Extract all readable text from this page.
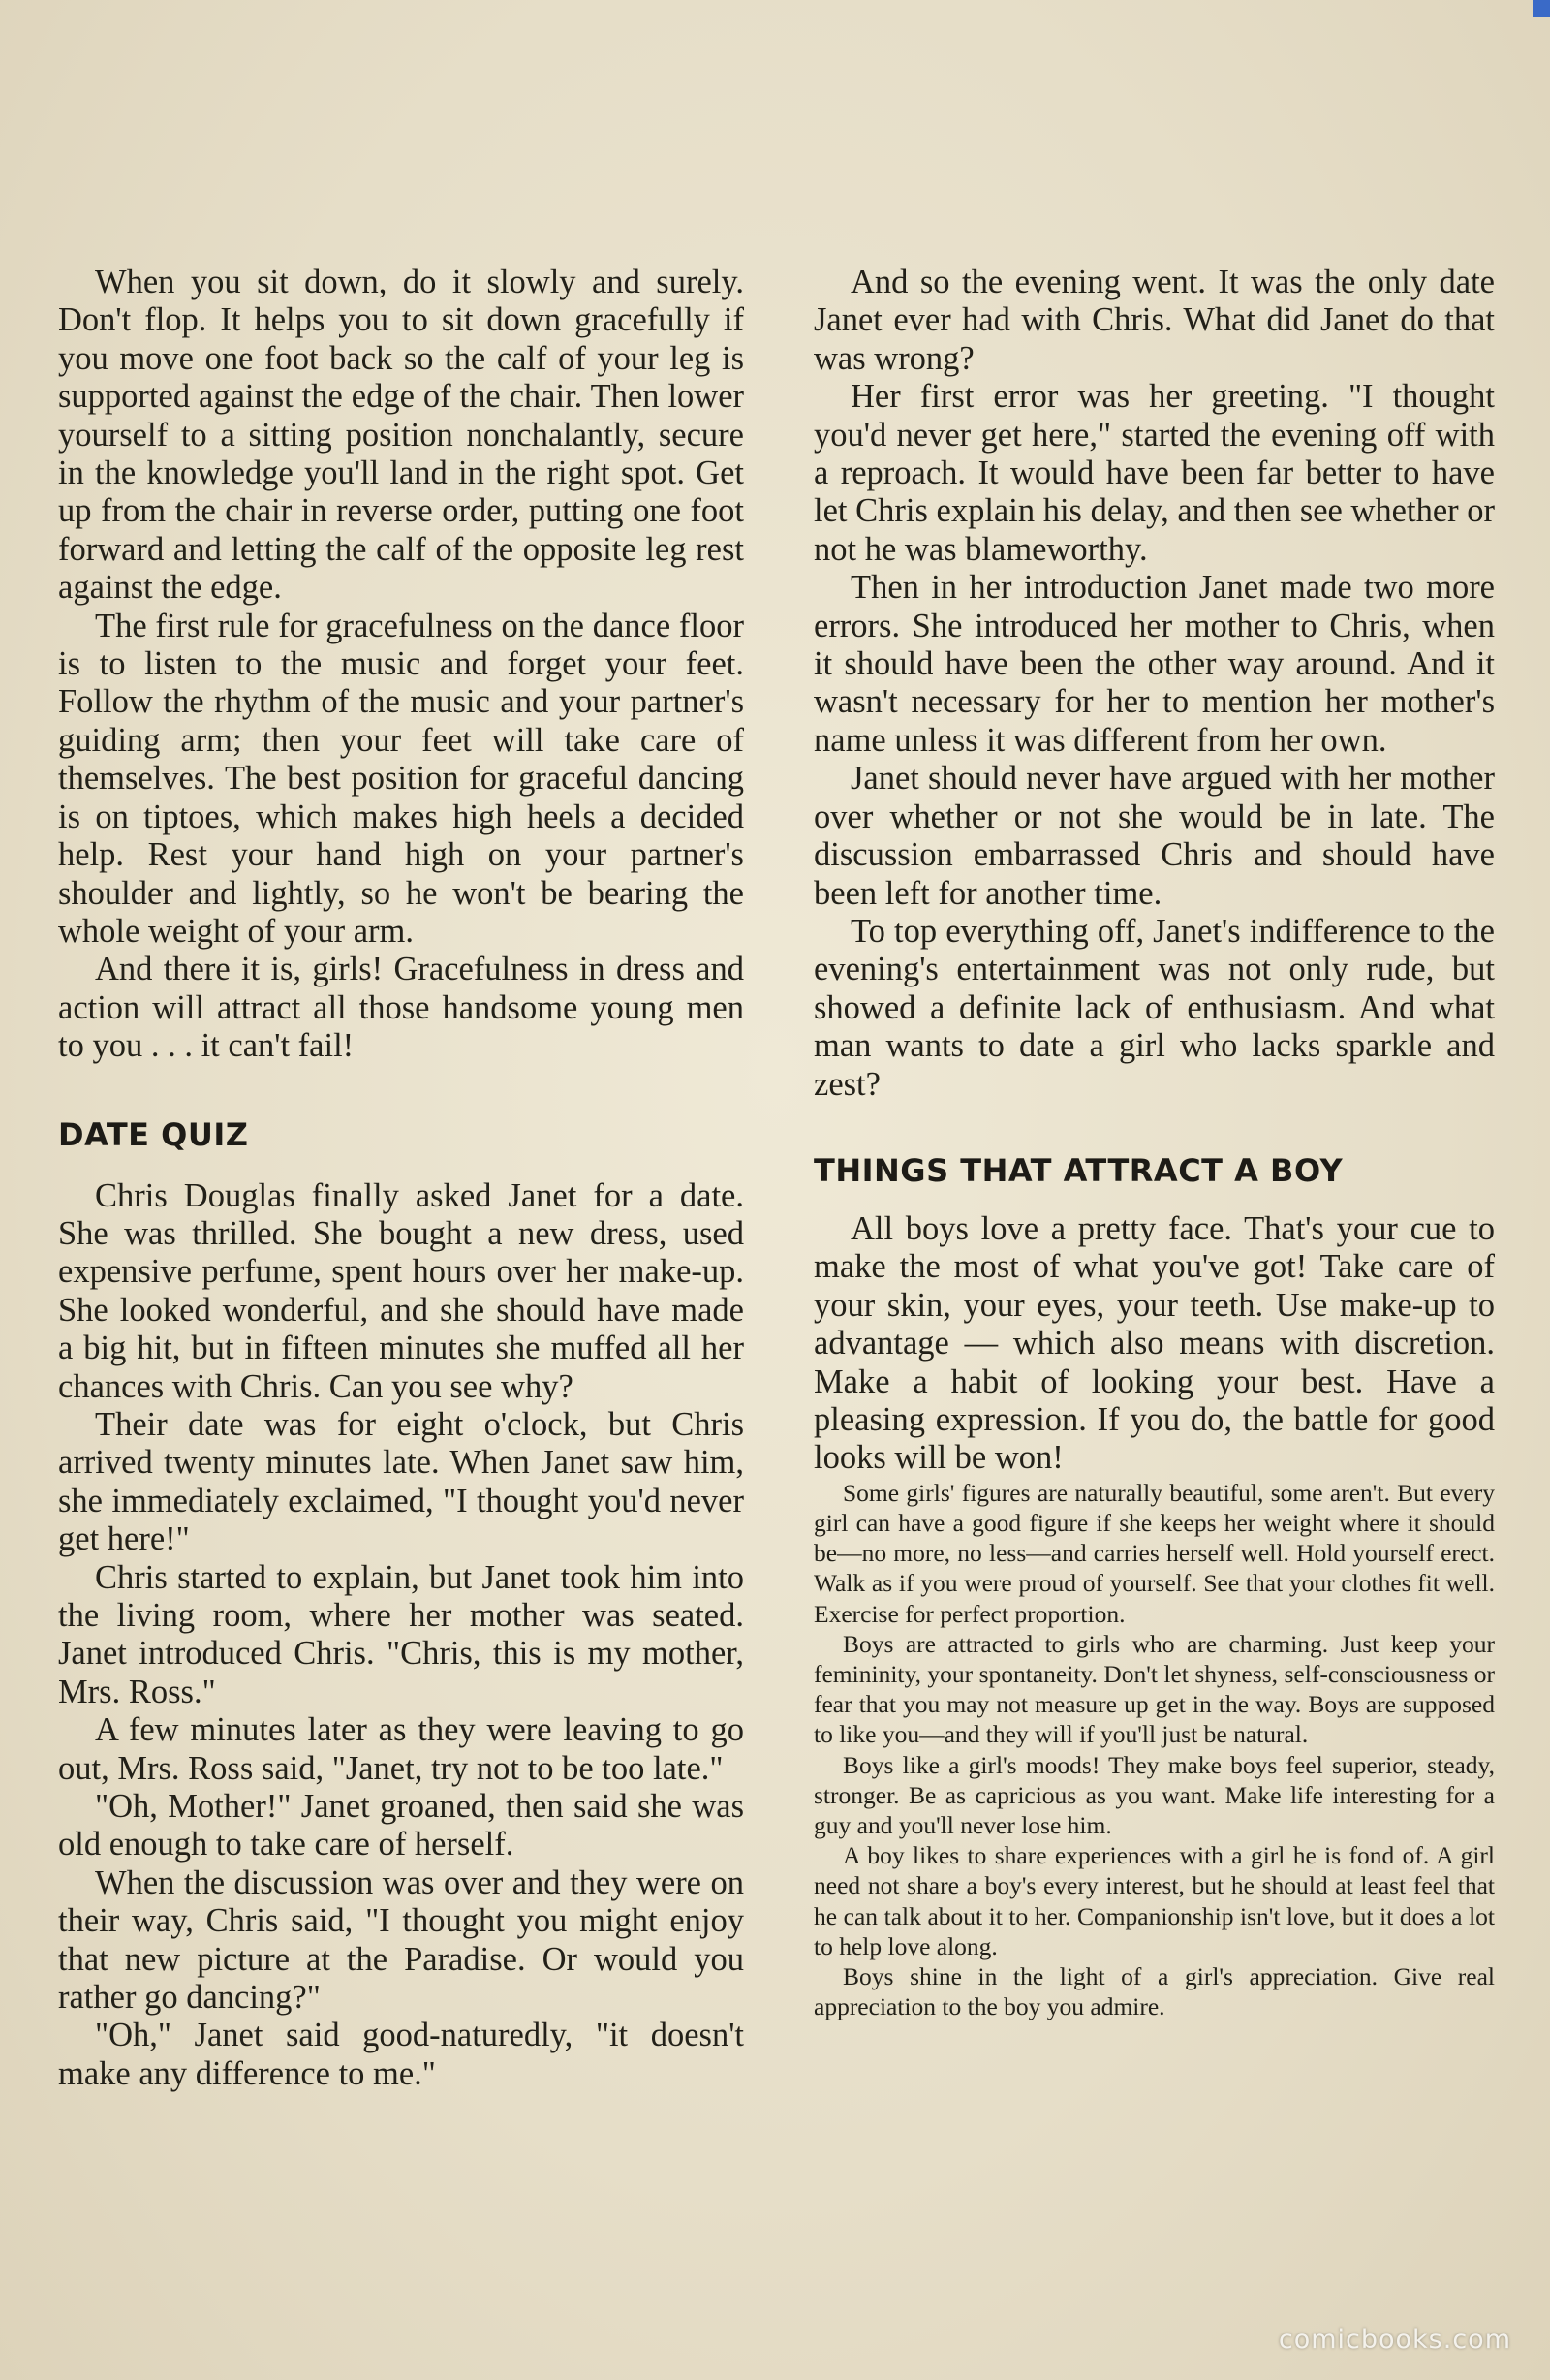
When you sit down, do it slowly and surely. Don't flop. It helps you to sit down gracefully if you move one foot back so the calf of your leg is supported against the edge of the chair. Then lower yourself to a sitting position nonchalantly, secure in the knowledge you'll land in the right spot. Get up from the chair in reverse order, putting one foot forward and letting the calf of the opposite leg rest against the edge.

The first rule for gracefulness on the dance floor is to listen to the music and forget your feet. Follow the rhythm of the music and your partner's guiding arm; then your feet will take care of themselves. The best position for graceful dancing is on tiptoes, which makes high heels a decided help. Rest your hand high on your partner's shoulder and lightly, so he won't be bearing the whole weight of your arm.

And there it is, girls! Gracefulness in dress and action will attract all those handsome young men to you . . . it can't fail!

DATE QUIZ

Chris Douglas finally asked Janet for a date. She was thrilled. She bought a new dress, used expensive perfume, spent hours over her make-up. She looked wonderful, and she should have made a big hit, but in fifteen minutes she muffed all her chances with Chris. Can you see why?

Their date was for eight o'clock, but Chris arrived twenty minutes late. When Janet saw him, she immediately exclaimed, "I thought you'd never get here!"

Chris started to explain, but Janet took him into the living room, where her mother was seated. Janet introduced Chris. "Chris, this is my mother, Mrs. Ross."

A few minutes later as they were leaving to go out, Mrs. Ross said, "Janet, try not to be too late."

"Oh, Mother!" Janet groaned, then said she was old enough to take care of herself.

When the discussion was over and they were on their way, Chris said, "I thought you might enjoy that new picture at the Paradise. Or would you rather go dancing?"

"Oh," Janet said good-naturedly, "it doesn't make any difference to me."

And so the evening went. It was the only date Janet ever had with Chris. What did Janet do that was wrong?

Her first error was her greeting. "I thought you'd never get here," started the evening off with a reproach. It would have been far better to have let Chris explain his delay, and then see whether or not he was blameworthy.

Then in her introduction Janet made two more errors. She introduced her mother to Chris, when it should have been the other way around. And it wasn't necessary for her to mention her mother's name unless it was different from her own.

Janet should never have argued with her mother over whether or not she would be in late. The discussion embarrassed Chris and should have been left for another time.

To top everything off, Janet's indifference to the evening's entertainment was not only rude, but showed a definite lack of enthusiasm. And what man wants to date a girl who lacks sparkle and zest?

THINGS THAT ATTRACT A BOY

All boys love a pretty face. That's your cue to make the most of what you've got! Take care of your skin, your eyes, your teeth. Use make-up to advantage — which also means with discretion. Make a habit of looking your best. Have a pleasing expression. If you do, the battle for good looks will be won!

Some girls' figures are naturally beautiful, some aren't. But every girl can have a good figure if she keeps her weight where it should be—no more, no less—and carries herself well. Hold yourself erect. Walk as if you were proud of yourself. See that your clothes fit well. Exercise for perfect proportion.

Boys are attracted to girls who are charming. Just keep your femininity, your spontaneity. Don't let shyness, self-consciousness or fear that you may not measure up get in the way. Boys are supposed to like you—and they will if you'll just be natural.

Boys like a girl's moods! They make boys feel superior, steady, stronger. Be as capricious as you want. Make life interesting for a guy and you'll never lose him.

A boy likes to share experiences with a girl he is fond of. A girl need not share a boy's every interest, but he should at least feel that he can talk about it to her. Companionship isn't love, but it does a lot to help love along.

Boys shine in the light of a girl's appreciation. Give real appreciation to the boy you admire.

comicbooks.com
